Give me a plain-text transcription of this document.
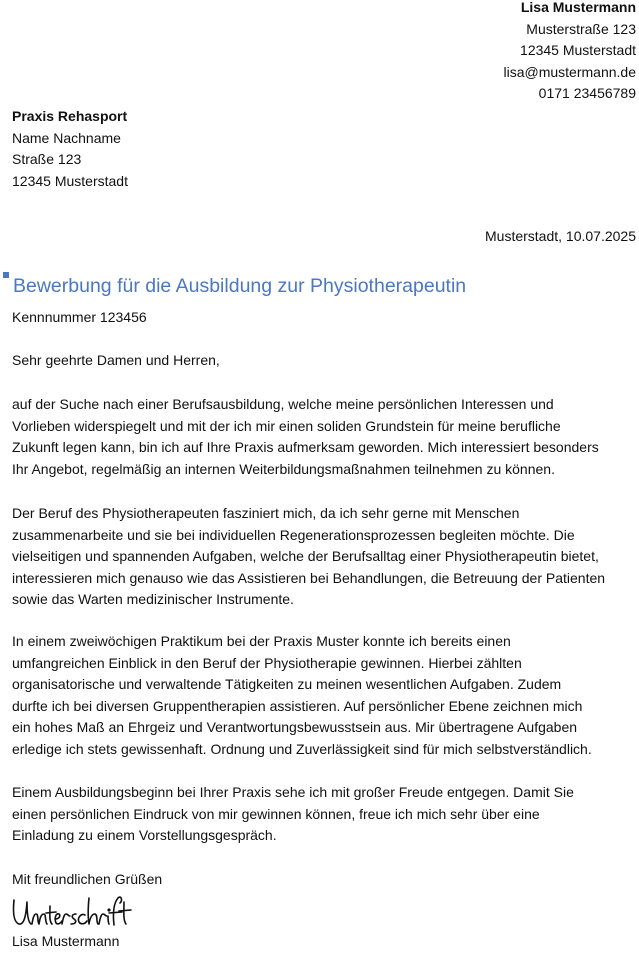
Lisa Mustermann
Musterstraße 123
12345 Musterstadt
lisa@mustermann.de
0171 23456789
Praxis Rehasport
Name Nachname
Straße 123
12345 Musterstadt
Musterstadt, 10.07.2025
Bewerbung für die Ausbildung zur Physiotherapeutin
Kennnummer 123456
Sehr geehrte Damen und Herren,
auf der Suche nach einer Berufsausbildung, welche meine persönlichen Interessen und
Vorlieben widerspiegelt und mit der ich mir einen soliden Grundstein für meine berufliche
Zukunft legen kann, bin ich auf Ihre Praxis aufmerksam geworden. Mich interessiert besonders
Ihr Angebot, regelmäßig an internen Weiterbildungsmaßnahmen teilnehmen zu können.
Der Beruf des Physiotherapeuten fasziniert mich, da ich sehr gerne mit Menschen
zusammenarbeite und sie bei individuellen Regenerationsprozessen begleiten möchte. Die
vielseitigen und spannenden Aufgaben, welche der Berufsalltag einer Physiotherapeutin bietet,
interessieren mich genauso wie das Assistieren bei Behandlungen, die Betreuung der Patienten
sowie das Warten medizinischer Instrumente.
In einem zweiwöchigen Praktikum bei der Praxis Muster konnte ich bereits einen
umfangreichen Einblick in den Beruf der Physiotherapie gewinnen. Hierbei zählten
organisatorische und verwaltende Tätigkeiten zu meinen wesentlichen Aufgaben. Zudem
durfte ich bei diversen Gruppentherapien assistieren. Auf persönlicher Ebene zeichnen mich
ein hohes Maß an Ehrgeiz und Verantwortungsbewusstsein aus. Mir übertragene Aufgaben
erledige ich stets gewissenhaft. Ordnung und Zuverlässigkeit sind für mich selbstverständlich.
Einem Ausbildungsbeginn bei Ihrer Praxis sehe ich mit großer Freude entgegen. Damit Sie
einen persönlichen Eindruck von mir gewinnen können, freue ich mich sehr über eine
Einladung zu einem Vorstellungsgespräch.
Mit freundlichen Grüßen
Lisa Mustermann
